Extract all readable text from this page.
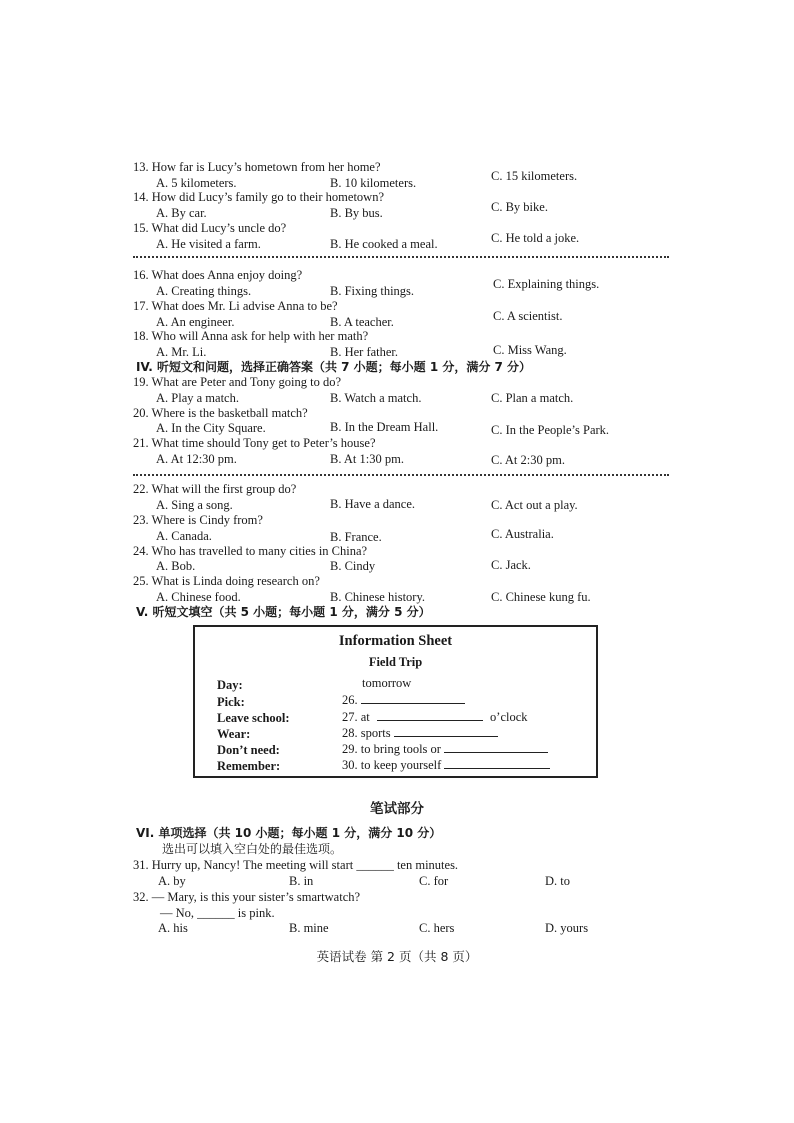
13. How far is Lucy’s hometown from her home?
A. 5 kilometers.	B. 10 kilometers.	C. 15 kilometers.
14. How did Lucy’s family go to their hometown?
A. By car.	B. By bus.	C. By bike.
15. What did Lucy’s uncle do?
A. He visited a farm.	B. He cooked a meal.	C. He told a joke.
16. What does Anna enjoy doing?
A. Creating things.	B. Fixing things.	C. Explaining things.
17. What does Mr. Li advise Anna to be?
A. An engineer.	B. A teacher.	C. A scientist.
18. Who will Anna ask for help with her math?
A. Mr. Li.	B. Her father.	C. Miss Wang.
IV. 听短文和问题，选择正确答案（共 7 小题；每小题 1 分，满分 7 分）
19. What are Peter and Tony going to do?
A. Play a match.	B. Watch a match.	C. Plan a match.
20. Where is the basketball match?
A. In the City Square.	B. In the Dream Hall.	C. In the People’s Park.
21. What time should Tony get to Peter’s house?
A. At 12:30 pm.	B. At 1:30 pm.	C. At 2:30 pm.
22. What will the first group do?
A. Sing a song.	B. Have a dance.	C. Act out a play.
23. Where is Cindy from?
A. Canada.	B. France.	C. Australia.
24. Who has travelled to many cities in China?
A. Bob.	B. Cindy	C. Jack.
25. What is Linda doing research on?
A. Chinese food.	B. Chinese history.	C. Chinese kung fu.
V. 听短文填空（共 5 小题；每小题 1 分，满分 5 分）
Information Sheet
Field Trip
Day:	tomorrow
Pick:	26.
Leave school:	27. at	o’clock
Wear:	28. sports
Don’t need:	29. to bring tools or
Remember:	30. to keep yourself
笔试部分
VI. 单项选择（共 10 小题；每小题 1 分，满分 10 分）
选出可以填入空白处的最佳选项。
31. Hurry up, Nancy! The meeting will start ______ ten minutes.
A. by	B. in	C. for	D. to
32. — Mary, is this your sister’s smartwatch?
— No, ______ is pink.
A. his	B. mine	C. hers	D. yours
英语试卷 第 2 页（共 8 页）
